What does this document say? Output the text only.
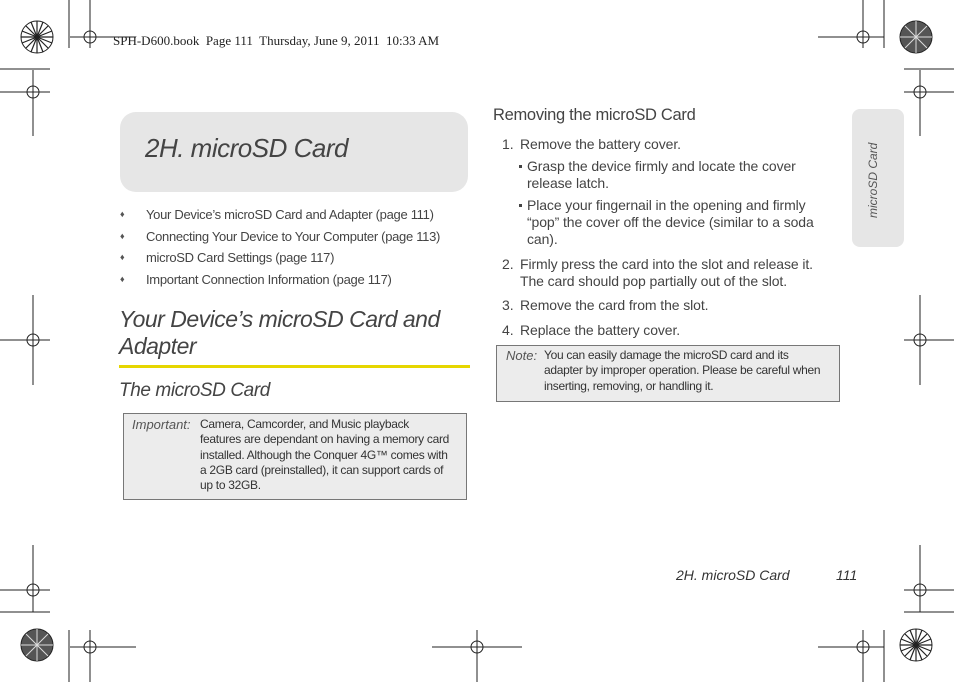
SPH-D600.book  Page 111  Thursday, June 9, 2011  10:33 AM
2H. microSD Card
♦ Your Device’s microSD Card and Adapter (page 111)
♦ Connecting Your Device to Your Computer (page 113)
♦ microSD Card Settings (page 117)
♦ Important Connection Information (page 117)
Your Device’s microSD Card and Adapter
The microSD Card
Important: Camera, Camcorder, and Music playback
features are dependant on having a memory card
installed. Although the Conquer 4G™ comes with
a 2GB card (preinstalled), it can support cards of
up to 32GB.
Removing the microSD Card
1. Remove the battery cover.
Grasp the device firmly and locate the cover
release latch.
Place your fingernail in the opening and firmly
“pop” the cover off the device (similar to a soda
can).
2. Firmly press the card into the slot and release it.
The card should pop partially out of the slot.
3. Remove the card from the slot.
4. Replace the battery cover.
Note: You can easily damage the microSD card and its
adapter by improper operation. Please be careful when
inserting, removing, or handling it.
microSD Card
2H. microSD Card	111
